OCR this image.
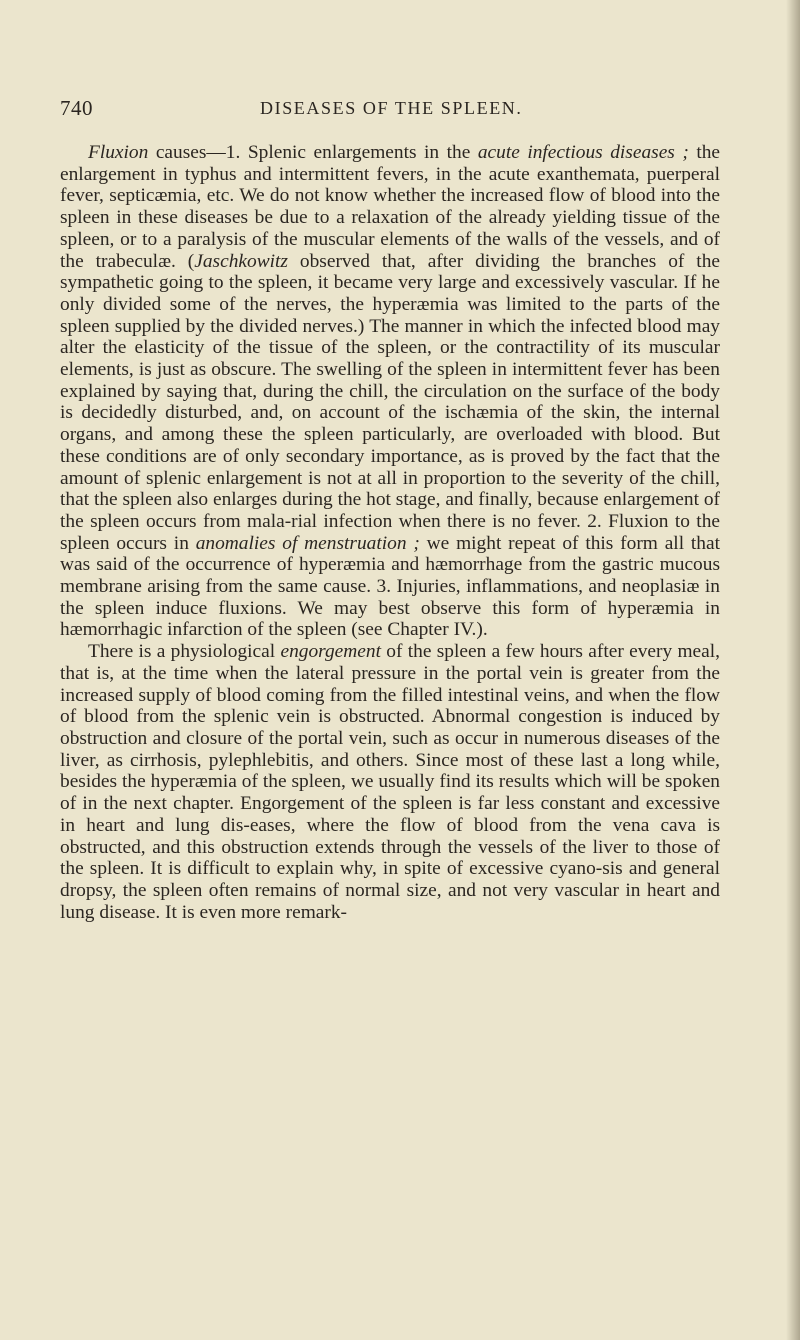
740	DISEASES OF THE SPLEEN.

Fluxion causes—1. Splenic enlargements in the acute infectious diseases ; the enlargement in typhus and intermittent fevers, in the acute exanthemata, puerperal fever, septicæmia, etc. We do not know whether the increased flow of blood into the spleen in these diseases be due to a relaxation of the already yielding tissue of the spleen, or to a paralysis of the muscular elements of the walls of the vessels, and of the trabeculæ. (Jaschkowitz observed that, after dividing the branches of the sympathetic going to the spleen, it became very large and excessively vascular. If he only divided some of the nerves, the hyperæmia was limited to the parts of the spleen supplied by the divided nerves.) The manner in which the infected blood may alter the elasticity of the tissue of the spleen, or the contractility of its muscular elements, is just as obscure. The swelling of the spleen in intermittent fever has been explained by saying that, during the chill, the circulation on the surface of the body is decidedly disturbed, and, on account of the ischæmia of the skin, the internal organs, and among these the spleen particularly, are overloaded with blood. But these conditions are of only secondary importance, as is proved by the fact that the amount of splenic enlargement is not at all in proportion to the severity of the chill, that the spleen also enlarges during the hot stage, and finally, because enlargement of the spleen occurs from mala-rial infection when there is no fever. 2. Fluxion to the spleen occurs in anomalies of menstruation ; we might repeat of this form all that was said of the occurrence of hyperæmia and hæmorrhage from the gastric mucous membrane arising from the same cause. 3. Injuries, inflammations, and neoplasiæ in the spleen induce fluxions. We may best observe this form of hyperæmia in hæmorrhagic infarction of the spleen (see Chapter IV.).

There is a physiological engorgement of the spleen a few hours after every meal, that is, at the time when the lateral pressure in the portal vein is greater from the increased supply of blood coming from the filled intestinal veins, and when the flow of blood from the splenic vein is obstructed. Abnormal congestion is induced by obstruction and closure of the portal vein, such as occur in numerous diseases of the liver, as cirrhosis, pylephlebitis, and others. Since most of these last a long while, besides the hyperæmia of the spleen, we usually find its results which will be spoken of in the next chapter. Engorgement of the spleen is far less constant and excessive in heart and lung dis-eases, where the flow of blood from the vena cava is obstructed, and this obstruction extends through the vessels of the liver to those of the spleen. It is difficult to explain why, in spite of excessive cyano-sis and general dropsy, the spleen often remains of normal size, and not very vascular in heart and lung disease. It is even more remark-
